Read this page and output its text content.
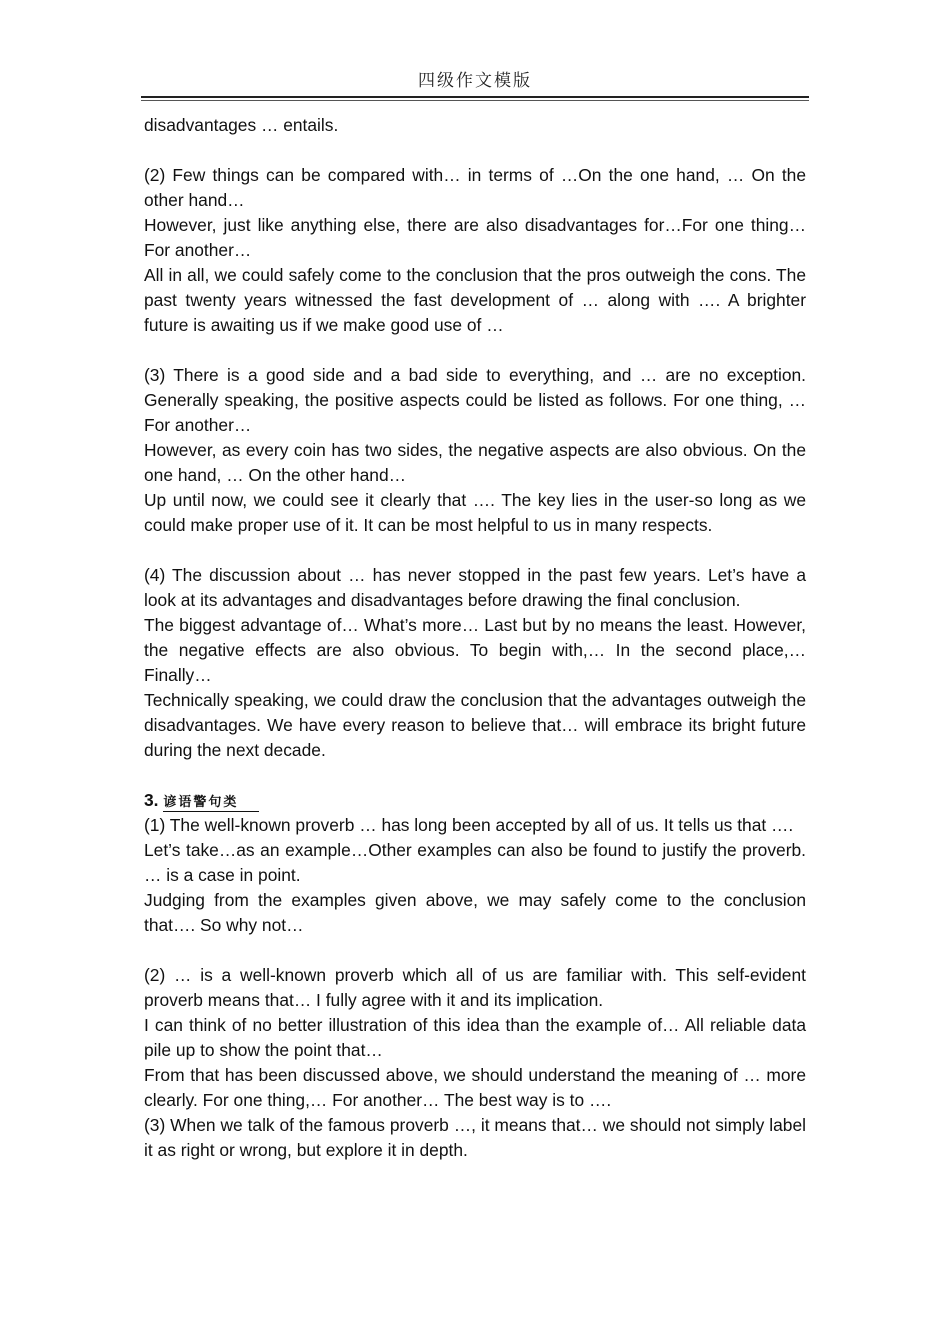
四级作文模版

disadvantages … entails.

(2) Few things can be compared with… in terms of …On the one hand, … On the other hand…

However, just like anything else, there are also disadvantages for…For one thing… For another…

All in all, we could safely come to the conclusion that the pros outweigh the cons. The past twenty years witnessed the fast development of … along with …. A brighter future is awaiting us if we make good use of …

(3) There is a good side and a bad side to everything, and … are no exception. Generally speaking, the positive aspects could be listed as follows. For one thing, … For another…

However, as every coin has two sides, the negative aspects are also obvious. On the one hand, … On the other hand…

Up until now, we could see it clearly that …. The key lies in the user-so long as we could make proper use of it. It can be most helpful to us in many respects.

(4) The discussion about … has never stopped in the past few years. Let’s have a look at its advantages and disadvantages before drawing the final conclusion.

The biggest advantage of… What’s more… Last but by no means the least. However, the negative effects are also obvious. To begin with,… In the second place,… Finally…

Technically speaking, we could draw the conclusion that the advantages outweigh the disadvantages. We have every reason to believe that… will embrace its bright future during the next decade.

3. 谚语警句类

(1) The well-known proverb … has long been accepted by all of us. It tells us that ….

Let’s take…as an example…Other examples can also be found to justify the proverb. … is a case in point.

Judging from the examples given above, we may safely come to the conclusion that…. So why not…

(2) … is a well-known proverb which all of us are familiar with. This self-evident proverb means that… I fully agree with it and its implication.

I can think of no better illustration of this idea than the example of… All reliable data pile up to show the point that…

From that has been discussed above, we should understand the meaning of … more clearly. For one thing,… For another… The best way is to ….

(3) When we talk of the famous proverb …, it means that… we should not simply label it as right or wrong, but explore it in depth.
